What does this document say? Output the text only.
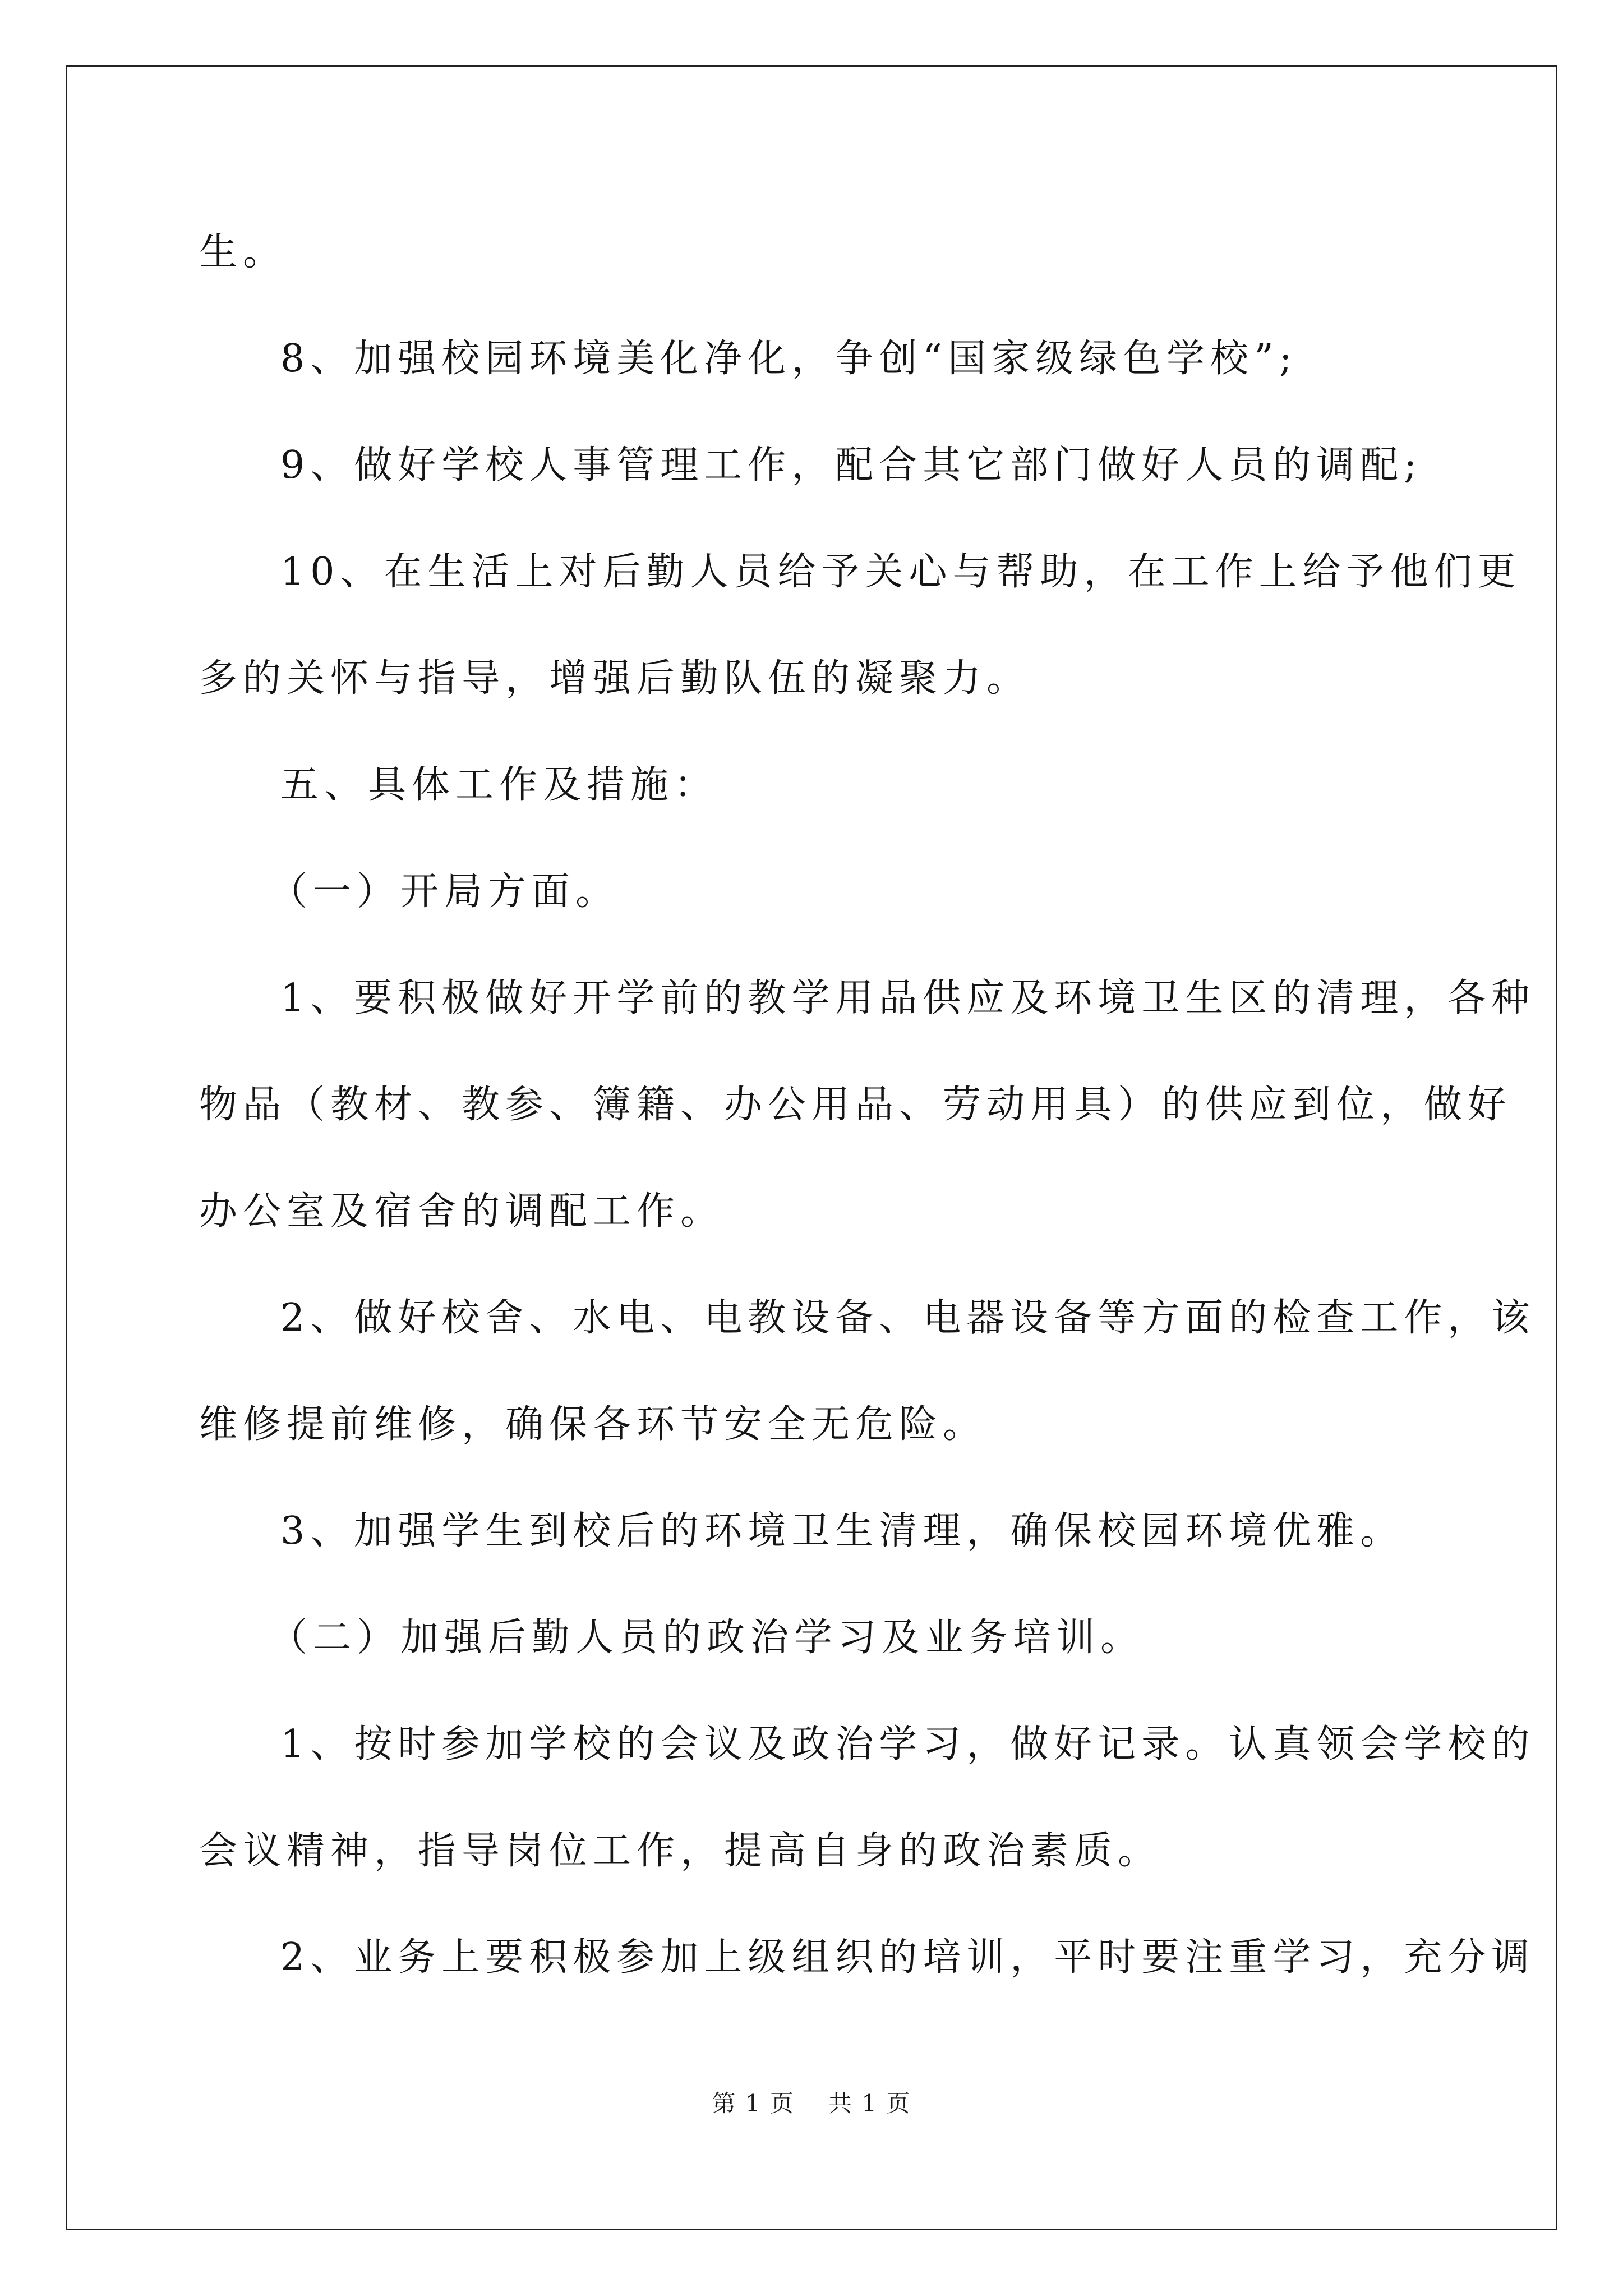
生。
8、加强校园环境美化净化，争创“国家级绿色学校”;
9、做好学校人事管理工作，配合其它部门做好人员的调配;
10、在生活上对后勤人员给予关心与帮助，在工作上给予他们更
多的关怀与指导，增强后勤队伍的凝聚力。
五、具体工作及措施：
（一）开局方面。
1、要积极做好开学前的教学用品供应及环境卫生区的清理，各种
物品（教材、教参、簿籍、办公用品、劳动用具）的供应到位，做好
办公室及宿舍的调配工作。
2、做好校舍、水电、电教设备、电器设备等方面的检查工作，该
维修提前维修，确保各环节安全无危险。
3、加强学生到校后的环境卫生清理，确保校园环境优雅。
（二）加强后勤人员的政治学习及业务培训。
1、按时参加学校的会议及政治学习，做好记录。认真领会学校的
会议精神，指导岗位工作，提高自身的政治素质。
2、业务上要积极参加上级组织的培训，平时要注重学习，充分调
第 1 页 共 1 页
